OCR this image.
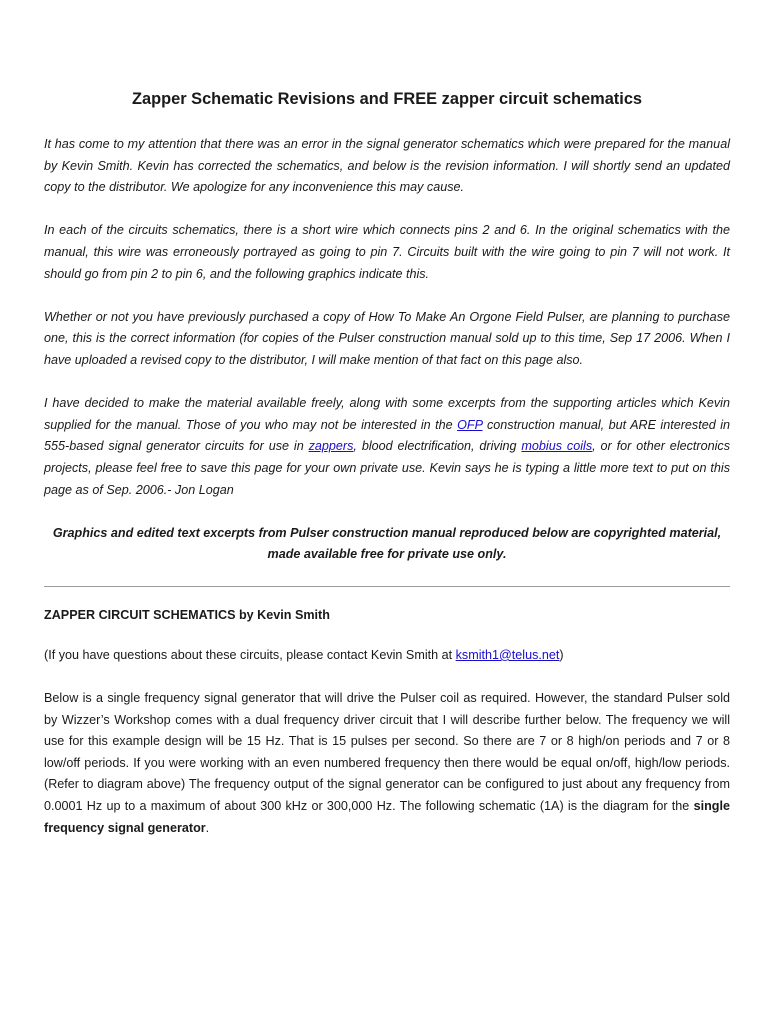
Zapper Schematic Revisions and FREE zapper circuit schematics

It has come to my attention that there was an error in the signal generator schematics which were prepared for the manual by Kevin Smith. Kevin has corrected the schematics, and below is the revision information. I will shortly send an updated copy to the distributor. We apologize for any inconvenience this may cause.

In each of the circuits schematics, there is a short wire which connects pins 2 and 6. In the original schematics with the manual, this wire was erroneously portrayed as going to pin 7. Circuits built with the wire going to pin 7 will not work. It should go from pin 2 to pin 6, and the following graphics indicate this.

Whether or not you have previously purchased a copy of How To Make An Orgone Field Pulser, are planning to purchase one, this is the correct information (for copies of the Pulser construction manual sold up to this time, Sep 17 2006. When I have uploaded a revised copy to the distributor, I will make mention of that fact on this page also.

I have decided to make the material available freely, along with some excerpts from the supporting articles which Kevin supplied for the manual. Those of you who may not be interested in the OFP construction manual, but ARE interested in 555-based signal generator circuits for use in zappers, blood electrification, driving mobius coils, or for other electronics projects, please feel free to save this page for your own private use. Kevin says he is typing a little more text to put on this page as of Sep. 2006.- Jon Logan

Graphics and edited text excerpts from Pulser construction manual reproduced below are copyrighted material, made available free for private use only.

ZAPPER CIRCUIT SCHEMATICS by Kevin Smith

(If you have questions about these circuits, please contact Kevin Smith at ksmith1@telus.net)

Below is a single frequency signal generator that will drive the Pulser coil as required. However, the standard Pulser sold by Wizzer’s Workshop comes with a dual frequency driver circuit that I will describe further below. The frequency we will use for this example design will be 15 Hz. That is 15 pulses per second. So there are 7 or 8 high/on periods and 7 or 8 low/off periods. If you were working with an even numbered frequency then there would be equal on/off, high/low periods. (Refer to diagram above) The frequency output of the signal generator can be configured to just about any frequency from 0.0001 Hz up to a maximum of about 300 kHz or 300,000 Hz. The following schematic (1A) is the diagram for the single frequency signal generator.
